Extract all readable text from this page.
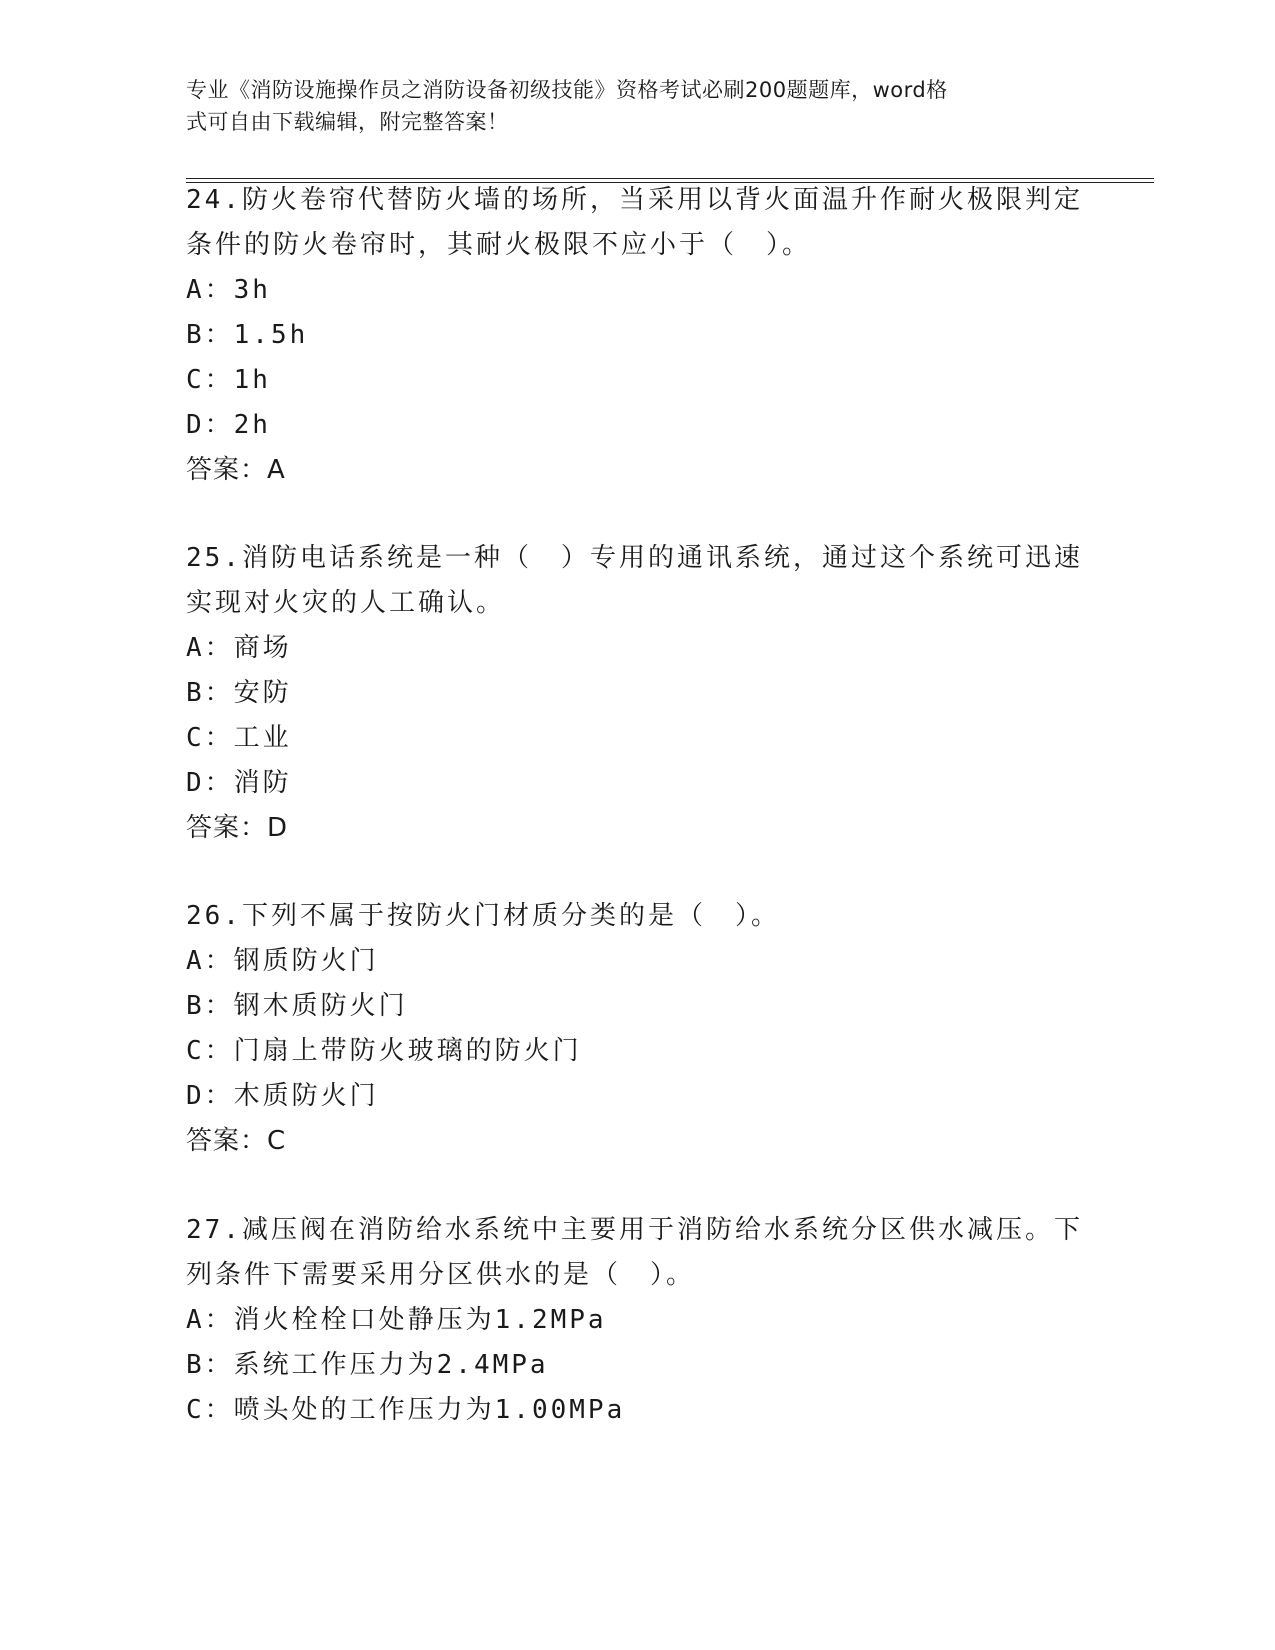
专业《消防设施操作员之消防设备初级技能》资格考试必刷200题题库，word格
式可自由下载编辑，附完整答案！

24.防火卷帘代替防火墙的场所，当采用以背火面温升作耐火极限判定

条件的防火卷帘时，其耐火极限不应小于（　）。

A：3h

B：1.5h

C：1h

D：2h

答案：A

25.消防电话系统是一种（　）专用的通讯系统，通过这个系统可迅速

实现对火灾的人工确认。

A：商场

B：安防

C：工业

D：消防

答案：D

26.下列不属于按防火门材质分类的是（　）。

A：钢质防火门

B：钢木质防火门

C：门扇上带防火玻璃的防火门

D：木质防火门

答案：C

27.减压阀在消防给水系统中主要用于消防给水系统分区供水减压。下

列条件下需要采用分区供水的是（　）。

A：消火栓栓口处静压为1.2MPa

B：系统工作压力为2.4MPa

C：喷头处的工作压力为1.00MPa
